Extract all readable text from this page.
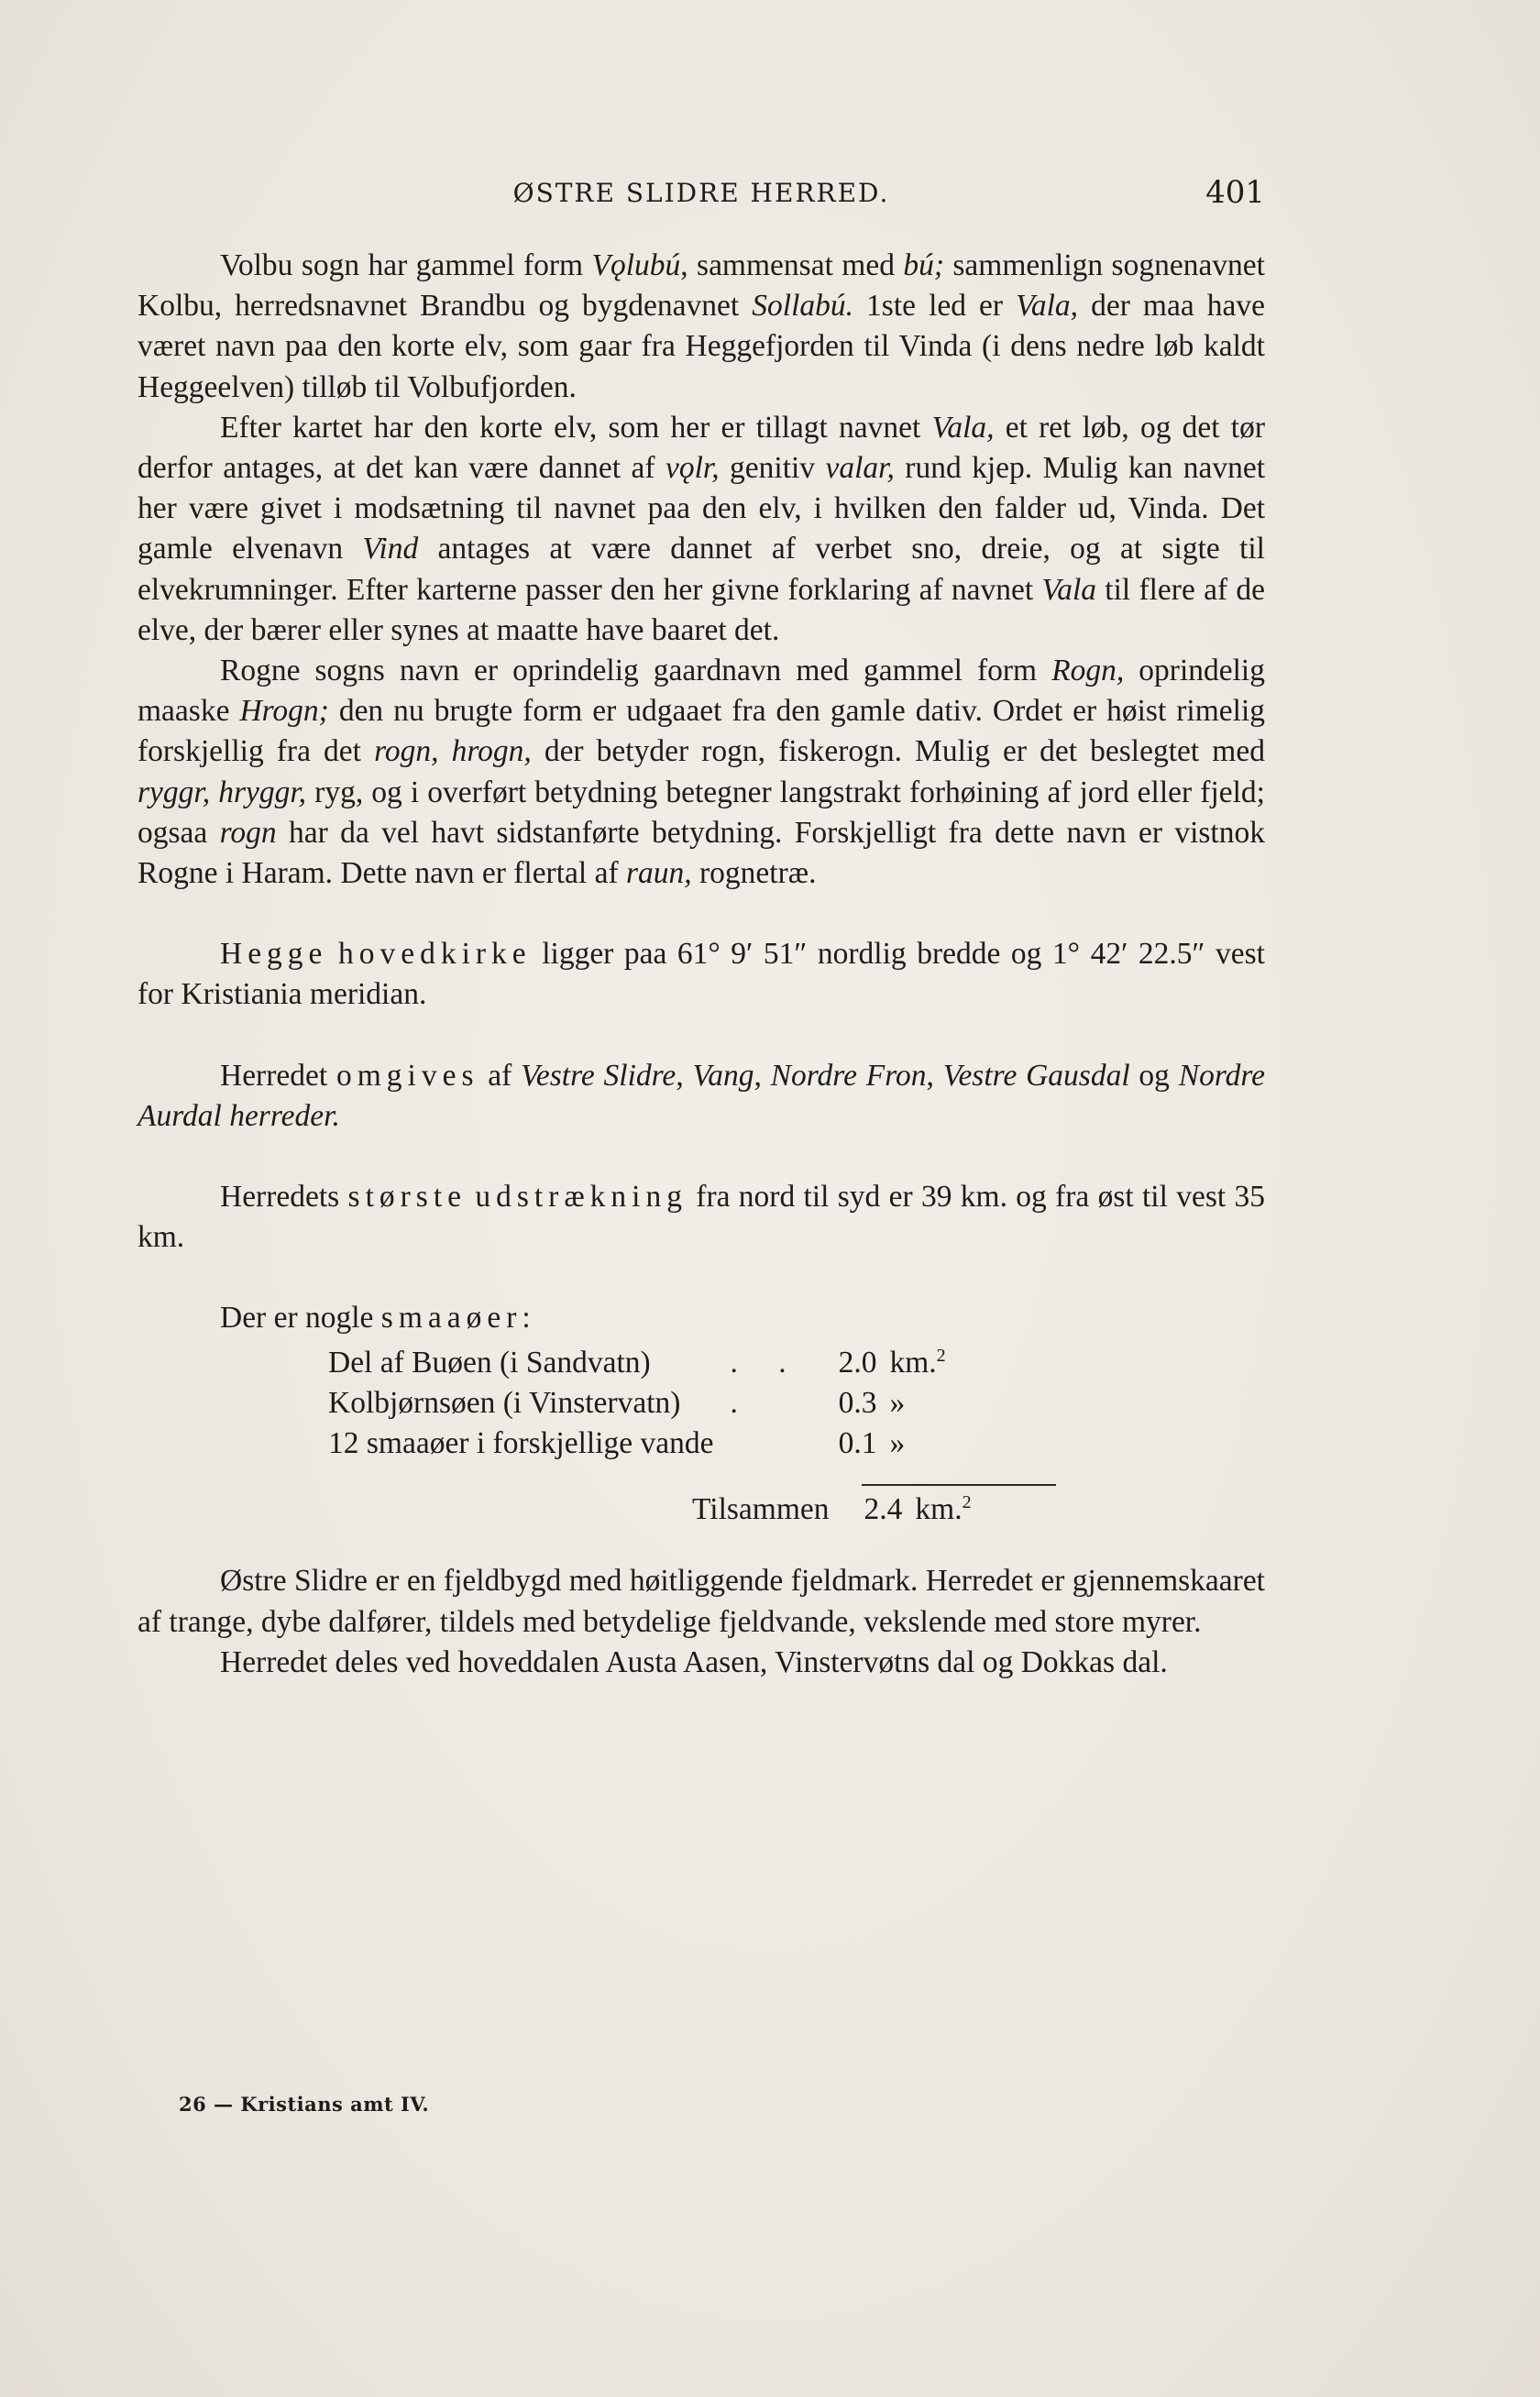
ØSTRE SLIDRE HERRED.	401

Volbu sogn har gammel form Vǫlubú, sammensat med bú; sammenlign sognenavnet Kolbu, herredsnavnet Brandbu og bygdenavnet Sollabú. 1ste led er Vala, der maa have været navn paa den korte elv, som gaar fra Heggefjorden til Vinda (i dens nedre løb kaldt Heggeelven) tilløb til Volbufjorden.

Efter kartet har den korte elv, som her er tillagt navnet Vala, et ret løb, og det tør derfor antages, at det kan være dannet af vǫlr, genitiv valar, rund kjep. Mulig kan navnet her være givet i modsætning til navnet paa den elv, i hvilken den falder ud, Vinda. Det gamle elvenavn Vind antages at være dannet af verbet sno, dreie, og at sigte til elvekrumninger. Efter karterne passer den her givne forklaring af navnet Vala til flere af de elve, der bærer eller synes at maatte have baaret det.

Rogne sogns navn er oprindelig gaardnavn med gammel form Rogn, oprindelig maaske Hrogn; den nu brugte form er udgaaet fra den gamle dativ. Ordet er høist rimelig forskjellig fra det rogn, hrogn, der betyder rogn, fiskerogn. Mulig er det beslegtet med ryggr, hryggr, ryg, og i overført betydning betegner langstrakt forhøining af jord eller fjeld; ogsaa rogn har da vel havt sidstanførte betydning. Forskjelligt fra dette navn er vistnok Rogne i Haram. Dette navn er flertal af raun, rognetræ.

Hegge hovedkirke ligger paa 61° 9′ 51″ nordlig bredde og 1° 42′ 22.5″ vest for Kristiania meridian.

Herredet omgives af Vestre Slidre, Vang, Nordre Fron, Vestre Gausdal og Nordre Aurdal herreder.

Herredets største udstrækning fra nord til syd er 39 km. og fra øst til vest 35 km.

Der er nogle smaaøer:

Del af Buøen (i Sandvatn)	. .	2.0	km.$^2$
Kolbjørnsøen (i Vinstervatn)	.	0.3	»
12 smaaøer i forskjellige vande		0.1	»
Tilsammen 2.4 km.$^2$

Østre Slidre er en fjeldbygd med høitliggende fjeldmark. Herredet er gjennemskaaret af trange, dybe dalfører, tildels med betydelige fjeldvande, vekslende med store myrer.

Herredet deles ved hoveddalen Austa Aasen, Vinstervøtns dal og Dokkas dal.

26 — Kristians amt IV.
